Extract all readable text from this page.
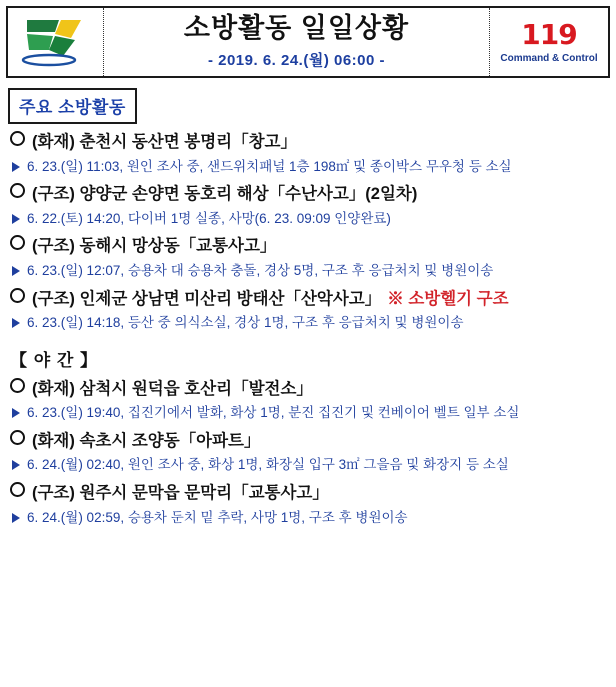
소방활동 일일상황
- 2019. 6. 24.(월) 06:00 -
119
Command & Control
주요 소방활동
(화재) 춘천시 동산면 봉명리「창고」
6. 23.(일) 11:03, 원인 조사 중, 샌드위치패널 1층 198㎡ 및 종이박스 무우청 등 소실
(구조) 양양군 손양면 동호리 해상「수난사고」(2일차)
6. 22.(토) 14:20, 다이버 1명 실종, 사망(6. 23. 09:09 인양완료)
(구조) 동해시 망상동「교통사고」
6. 23.(일) 12:07, 승용차 대 승용차 충돌, 경상 5명, 구조 후 응급처치 및 병원이송
(구조) 인제군 상남면 미산리 방태산「산악사고」 ※ 소방헬기 구조
6. 23.(일) 14:18, 등산 중 의식소실, 경상 1명, 구조 후 응급처치 및 병원이송
【 야 간 】
(화재) 삼척시 원덕읍 호산리「발전소」
6. 23.(일) 19:40, 집진기에서 발화, 화상 1명, 분진 집진기 및 컨베이어 벨트 일부 소실
(화재) 속초시 조양동「아파트」
6. 24.(월) 02:40, 원인 조사 중, 화상 1명, 화장실 입구 3㎡ 그을음 및 화장지 등 소실
(구조) 원주시 문막읍 문막리「교통사고」
6. 24.(월) 02:59, 승용차 둔치 밑 추락, 사망 1명, 구조 후 병원이송
